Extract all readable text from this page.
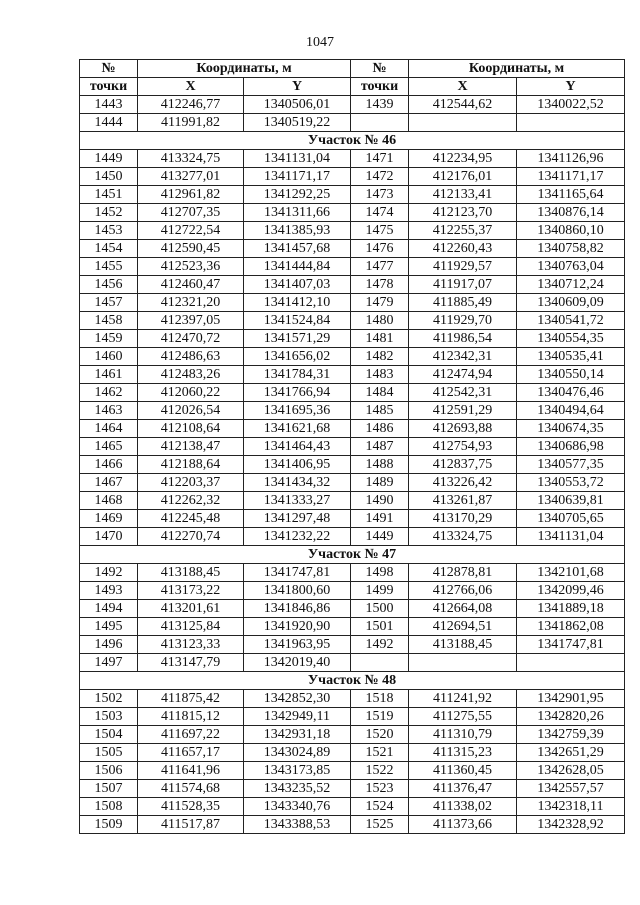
1047
№	Координаты, м		№	Координаты, м	
точки	X	Y	точки	X	Y
1443	412246,77	1340506,01	1439	412544,62	1340022,52
1444	411991,82	1340519,22			
Участок № 46					
1449	413324,75	1341131,04	1471	412234,95	1341126,96
1450	413277,01	1341171,17	1472	412176,01	1341171,17
1451	412961,82	1341292,25	1473	412133,41	1341165,64
1452	412707,35	1341311,66	1474	412123,70	1340876,14
1453	412722,54	1341385,93	1475	412255,37	1340860,10
1454	412590,45	1341457,68	1476	412260,43	1340758,82
1455	412523,36	1341444,84	1477	411929,57	1340763,04
1456	412460,47	1341407,03	1478	411917,07	1340712,24
1457	412321,20	1341412,10	1479	411885,49	1340609,09
1458	412397,05	1341524,84	1480	411929,70	1340541,72
1459	412470,72	1341571,29	1481	411986,54	1340554,35
1460	412486,63	1341656,02	1482	412342,31	1340535,41
1461	412483,26	1341784,31	1483	412474,94	1340550,14
1462	412060,22	1341766,94	1484	412542,31	1340476,46
1463	412026,54	1341695,36	1485	412591,29	1340494,64
1464	412108,64	1341621,68	1486	412693,88	1340674,35
1465	412138,47	1341464,43	1487	412754,93	1340686,98
1466	412188,64	1341406,95	1488	412837,75	1340577,35
1467	412203,37	1341434,32	1489	413226,42	1340553,72
1468	412262,32	1341333,27	1490	413261,87	1340639,81
1469	412245,48	1341297,48	1491	413170,29	1340705,65
1470	412270,74	1341232,22	1449	413324,75	1341131,04
Участок № 47					
1492	413188,45	1341747,81	1498	412878,81	1342101,68
1493	413173,22	1341800,60	1499	412766,06	1342099,46
1494	413201,61	1341846,86	1500	412664,08	1341889,18
1495	413125,84	1341920,90	1501	412694,51	1341862,08
1496	413123,33	1341963,95	1492	413188,45	1341747,81
1497	413147,79	1342019,40			
Участок № 48					
1502	411875,42	1342852,30	1518	411241,92	1342901,95
1503	411815,12	1342949,11	1519	411275,55	1342820,26
1504	411697,22	1342931,18	1520	411310,79	1342759,39
1505	411657,17	1343024,89	1521	411315,23	1342651,29
1506	411641,96	1343173,85	1522	411360,45	1342628,05
1507	411574,68	1343235,52	1523	411376,47	1342557,57
1508	411528,35	1343340,76	1524	411338,02	1342318,11
1509	411517,87	1343388,53	1525	411373,66	1342328,92
